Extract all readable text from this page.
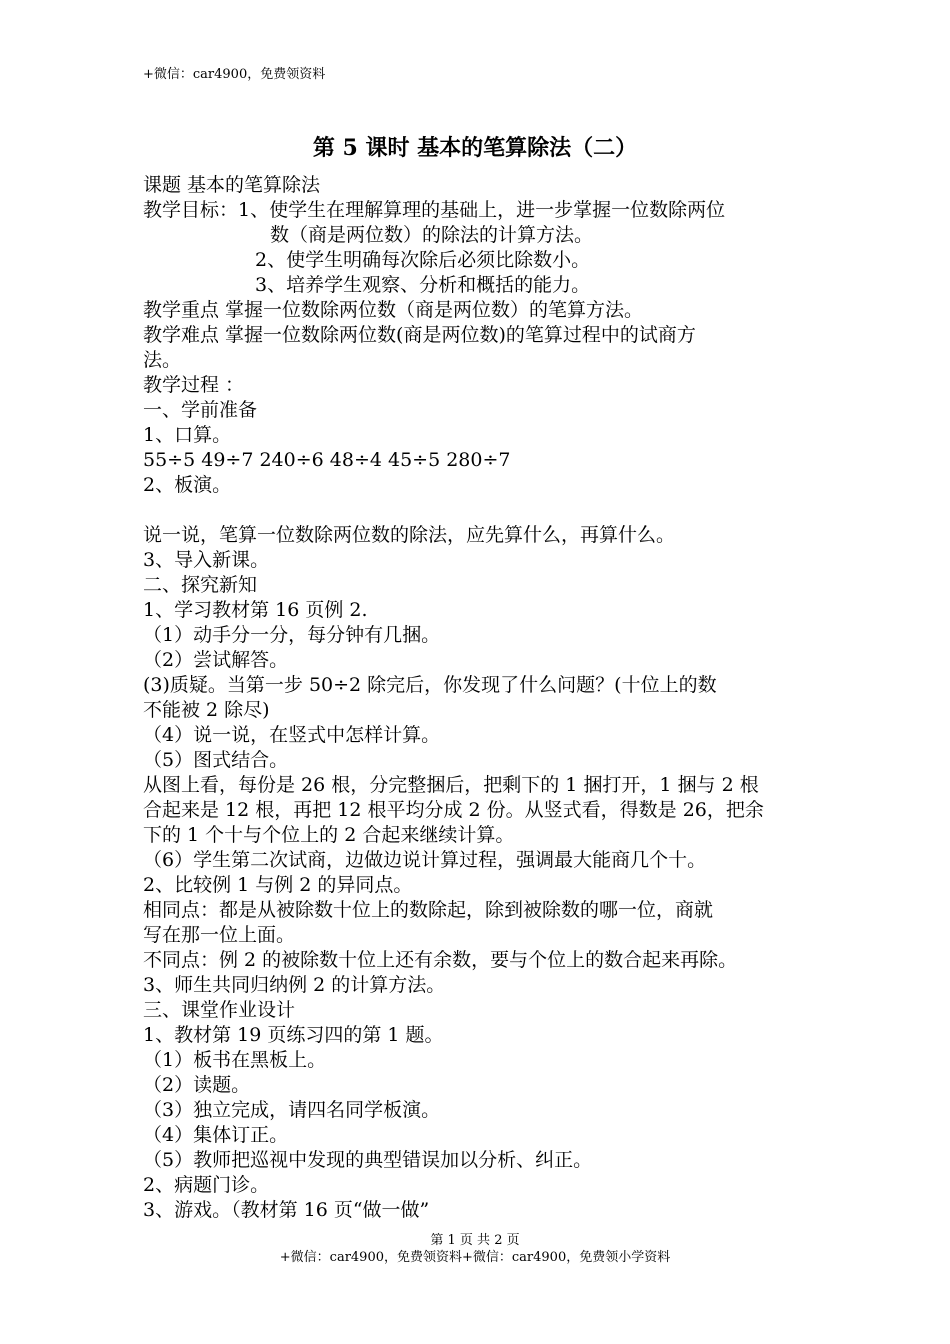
+微信：car4900，免费领资料
第 5 课时 基本的笔算除法（二）
课题 基本的笔算除法
教学目标：1、使学生在理解算理的基础上，进一步掌握一位数除两位
数（商是两位数）的除法的计算方法。
2、使学生明确每次除后必须比除数小。
3、培养学生观察、分析和概括的能力。
教学重点 掌握一位数除两位数（商是两位数）的笔算方法。
教学难点 掌握一位数除两位数(商是两位数)的笔算过程中的试商方
法。
教学过程 ：
一、学前准备
1、口算。
55÷5 49÷7 240÷6 48÷4 45÷5 280÷7
2、板演。
说一说，笔算一位数除两位数的除法，应先算什么，再算什么。
3、导入新课。
二、探究新知
1、学习教材第 16 页例 2.
（1）动手分一分，每分钟有几捆。
（2）尝试解答。
(3)质疑。当第一步 50÷2 除完后，你发现了什么问题？(十位上的数
不能被 2 除尽)
（4）说一说，在竖式中怎样计算。
（5）图式结合。
从图上看，每份是 26 根，分完整捆后，把剩下的 1 捆打开，1 捆与 2 根
合起来是 12 根，再把 12 根平均分成 2 份。从竖式看，得数是 26，把余
下的 1 个十与个位上的 2 合起来继续计算。
（6）学生第二次试商，边做边说计算过程，强调最大能商几个十。
2、比较例 1 与例 2 的异同点。
相同点：都是从被除数十位上的数除起，除到被除数的哪一位，商就
写在那一位上面。
不同点：例 2 的被除数十位上还有余数，要与个位上的数合起来再除。
3、师生共同归纳例 2 的计算方法。
三、课堂作业设计
1、教材第 19 页练习四的第 1 题。
（1）板书在黑板上。
（2）读题。
（3）独立完成，请四名同学板演。
（4）集体订正。
（5）教师把巡视中发现的典型错误加以分析、纠正。
2、病题门诊。
3、游戏。（教材第 16 页“做一做”
第 1 页 共 2 页
+微信：car4900，免费领资料+微信：car4900，免费领小学资料
